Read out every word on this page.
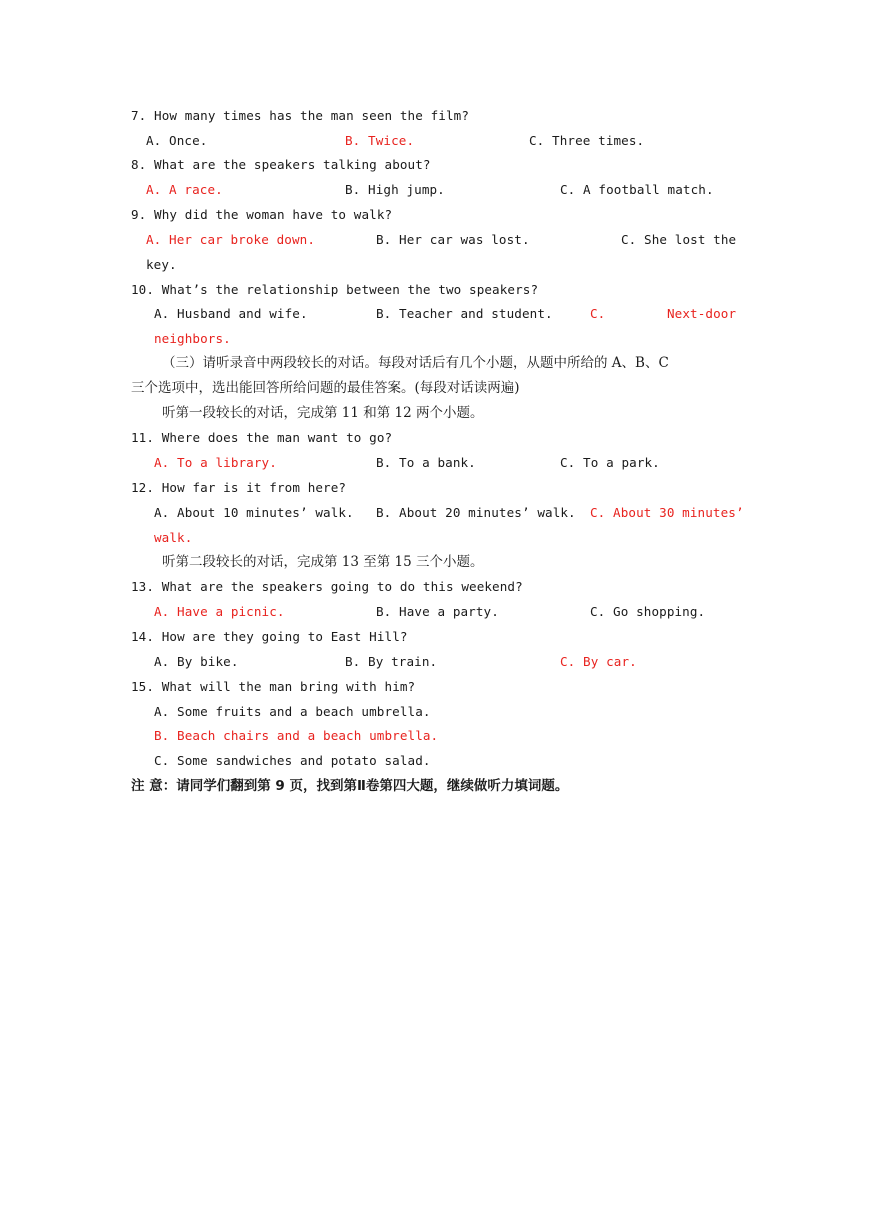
7. How many times has the man seen the film?
A. Once.	B. Twice.	C. Three times.
8. What are the speakers talking about?
A. A race.	B. High jump.	C. A football match.
9. Why did the woman have to walk?
A. Her car broke down.	B. Her car was lost.	C. She lost the
key.
10. What’s the relationship between the two speakers?
A. Husband and wife.	B. Teacher and student.	C.	Next-door
neighbors.
（三）请听录音中两段较长的对话。每段对话后有几个小题，从题中所给的 A、B、C
三个选项中，选出能回答所给问题的最佳答案。(每段对话读两遍)
听第一段较长的对话，完成第 11 和第 12 两个小题。
11. Where does the man want to go?
A. To a library.	B. To a bank.	C. To a park.
12. How far is it from here?
A. About 10 minutes’ walk. B. About 20 minutes’ walk. C. About 30 minutes’
walk.
听第二段较长的对话，完成第 13 至第 15 三个小题。
13. What are the speakers going to do this weekend?
A. Have a picnic.	B. Have a party.	C. Go shopping.
14. How are they going to East Hill?
A. By bike.	B. By train.	C. By car.
15. What will the man bring with him?
A. Some fruits and a beach umbrella.
B. Beach chairs and a beach umbrella.
C. Some sandwiches and potato salad.
注 意：请同学们翻到第 9 页，找到第Ⅱ卷第四大题，继续做听力填词题。
